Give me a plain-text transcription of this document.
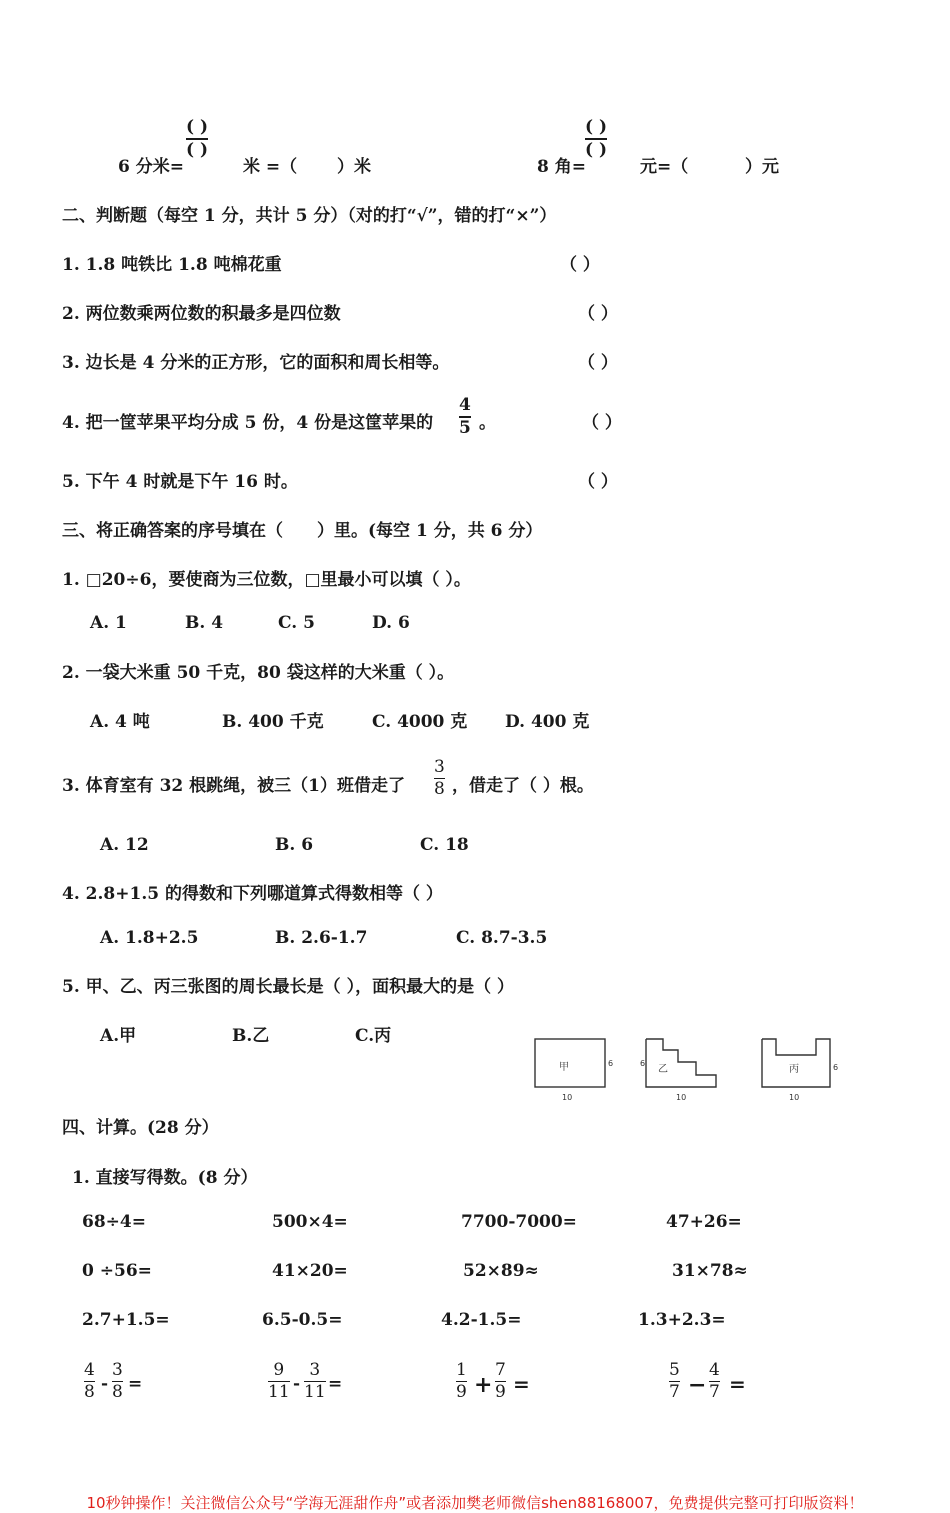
6 分米=
( )
( )
米 =（ ）米	8 角=
( )
( )
元=（	）元
二、判断题（每空 1 分，共计 5 分）（对的打“√”，错的打“×”）
1. 1.8 吨铁比 1.8 吨棉花重	（ ）
2. 两位数乘两位数的积最多是四位数	（ ）
3. 边长是 4 分米的正方形，它的面积和周长相等。	（ ）
4. 把一筐苹果平均分成 5 份，4 份是这筐苹果的
4
5 。	（ ）
5. 下午 4 时就是下午 16 时。	（ ）
三、将正确答案的序号填在（　　）里。(每空 1 分，共 6 分）
1. □20÷6，要使商为三位数，□里最小可以填（ ）。
A. 1	B. 4	C. 5	D. 6
2. 一袋大米重 50 千克，80 袋这样的大米重（ ）。
A. 4 吨	B. 400 千克	C. 4000 克 D. 400 克
3. 体育室有 32 根跳绳，被三（1）班借走了
3
8 ，借走了（ ）根。
A. 12	B. 6	C. 18
4. 2.8+1.5 的得数和下列哪道算式得数相等（ ）
A. 1.8+2.5	B. 2.6-1.7	C. 8.7-3.5
5. 甲、乙、丙三张图的周长最长是（ ），面积最大的是（ ）
A.甲	B.乙	C.丙
甲	6
10
乙
6
10
丙	6
10
四、计算。(28 分）
1. 直接写得数。(8 分）
68÷4=	500×4=	7700-7000=	47+26=
0 ÷56=	41×20=	52×89≈	31×78≈
2.7+1.5=	6.5-0.5=	4.2-1.5=	1.3+2.3=
4
8 -
3
8 =
9
11 -
3
11 =
1
9 +
7
9 =
5
7 −
4
7 =
10秒钟操作！关注微信公众号“学海无涯甜作舟”或者添加樊老师微信shen88168007，免费提供完整可打印版资料！
